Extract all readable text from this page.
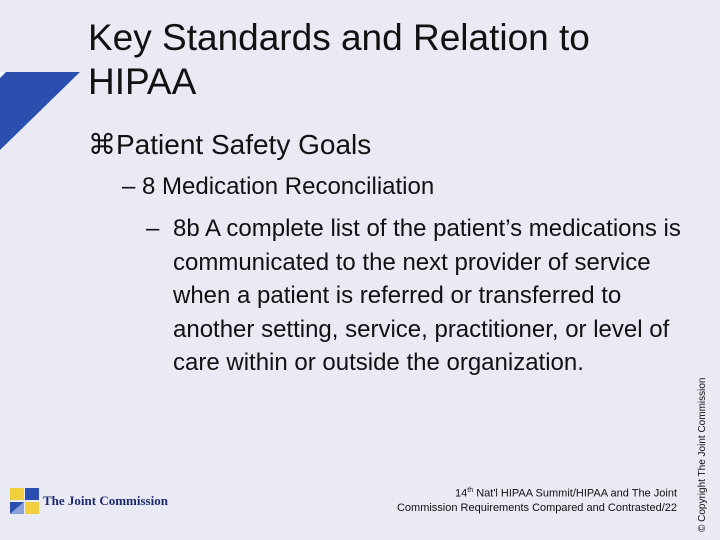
Key Standards and Relation to HIPAA
⌘Patient Safety Goals
– 8 Medication Reconciliation
– 8b A complete list of the patient’s medications is communicated to the next provider of service when a patient is referred or transferred to another setting, service, practitioner, or level of care within or outside the organization.
14th Nat'l HIPAA Summit/HIPAA and The Joint
Commission Requirements Compared and Contrasted/22
The Joint Commission	© Copyright The Joint Commission
